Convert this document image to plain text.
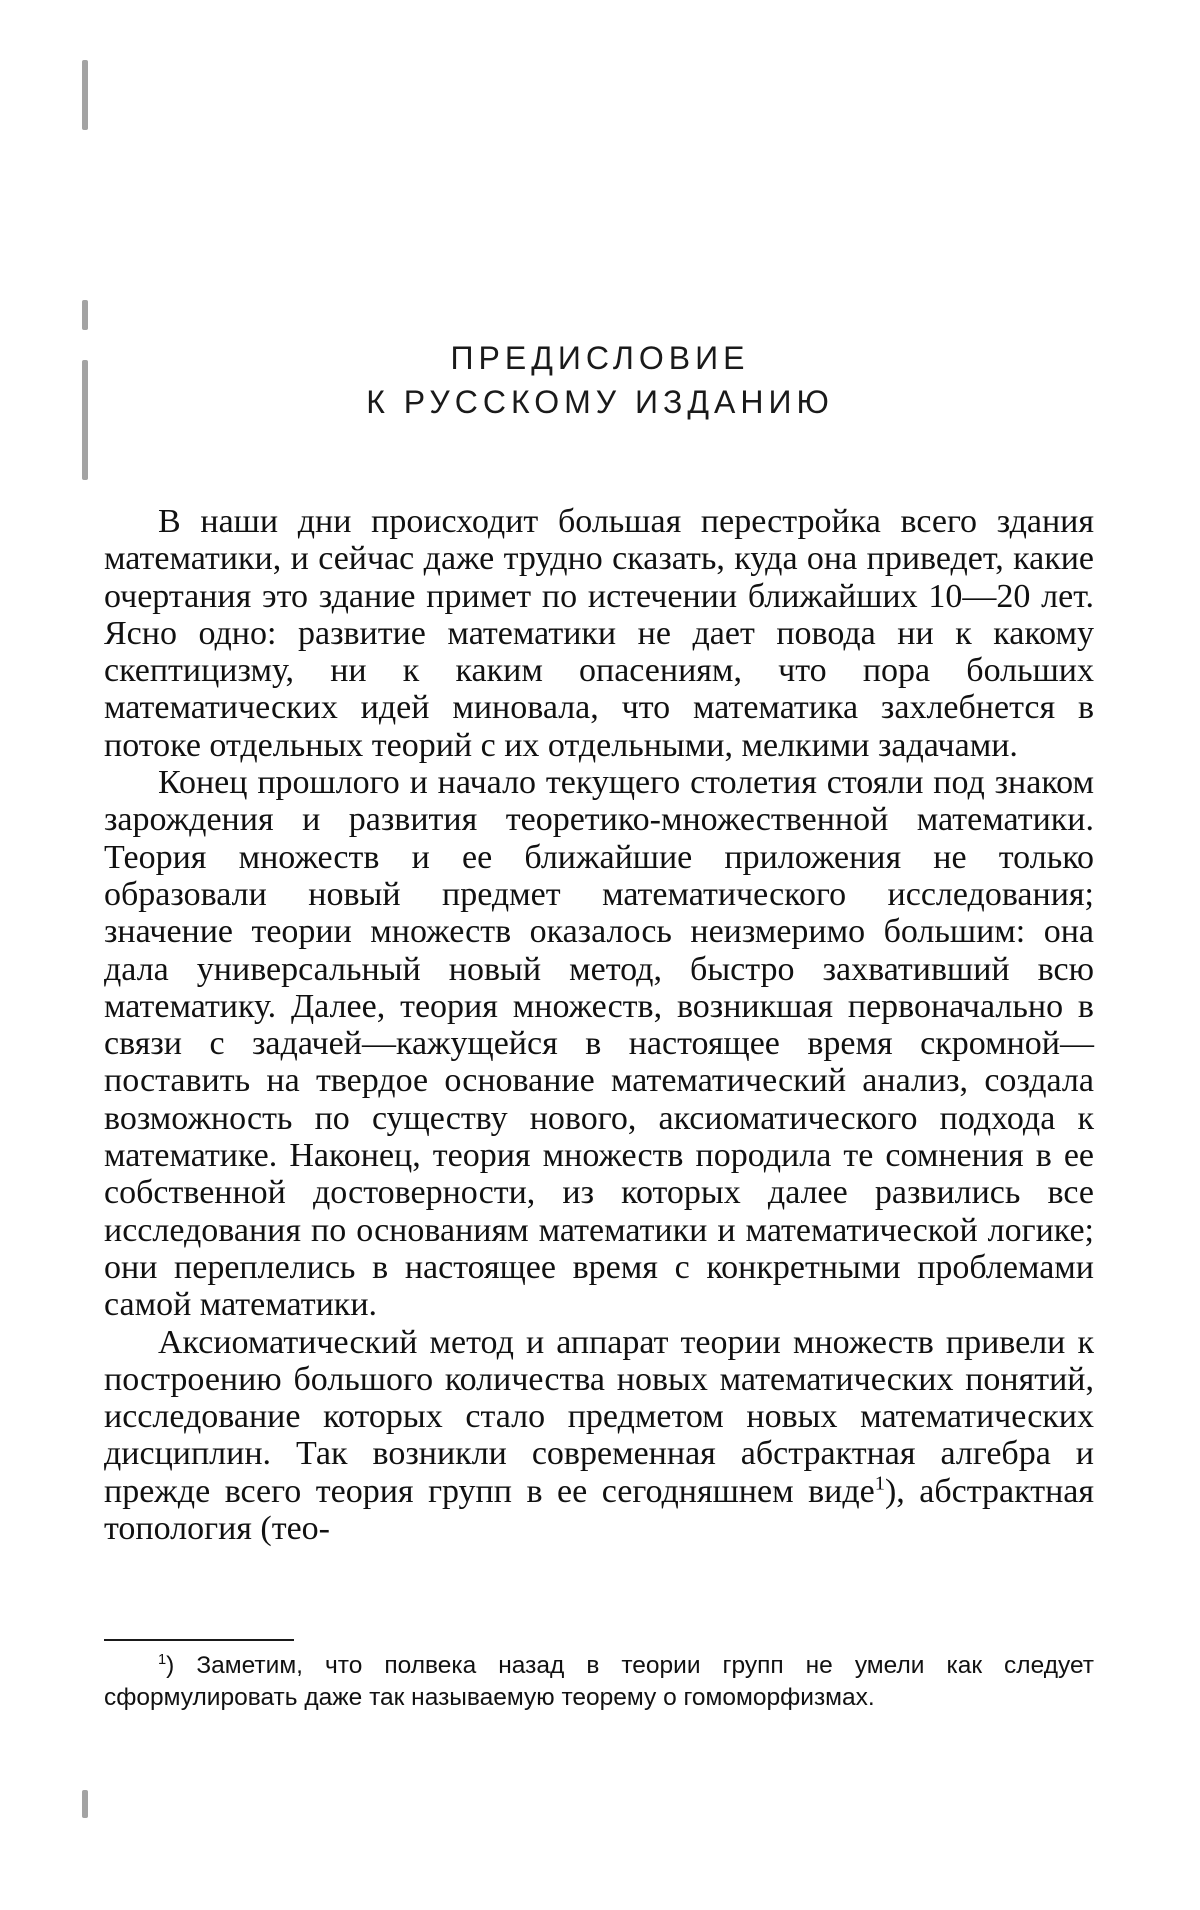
ПРЕДИСЛОВИЕ
К РУССКОМУ ИЗДАНИЮ

В наши дни происходит большая перестройка всего здания математики, и сейчас даже трудно сказать, куда она приведет, какие очертания это здание примет по истечении ближайших 10—20 лет. Ясно одно: развитие математики не дает повода ни к какому скептицизму, ни к каким опасениям, что пора больших математических идей миновала, что математика захлебнется в потоке отдельных теорий с их отдельными, мелкими задачами.

Конец прошлого и начало текущего столетия стояли под знаком зарождения и развития теоретико-множественной математики. Теория множеств и ее ближайшие приложения не только образовали новый предмет математического исследования; значение теории множеств оказалось неизмеримо большим: она дала универсальный новый метод, быстро захвативший всю математику. Далее, теория множеств, возникшая первоначально в связи с задачей—кажущейся в настоящее время скромной—поставить на твердое основание математический анализ, создала возможность по существу нового, аксиоматического подхода к математике. Наконец, теория множеств породила те сомнения в ее собственной достоверности, из которых далее развились все исследования по основаниям математики и математической логике; они переплелись в настоящее время с конкретными проблемами самой математики.

Аксиоматический метод и аппарат теории множеств привели к построению большого количества новых математических понятий, исследование которых стало предметом новых математических дисциплин. Так возникли современная абстрактная алгебра и прежде всего теория групп в ее сегодняшнем виде$^1$), абстрактная топология (тео-

$^1$) Заметим, что полвека назад в теории групп не умели как следует сформулировать даже так называемую теорему о гомоморфизмах.
